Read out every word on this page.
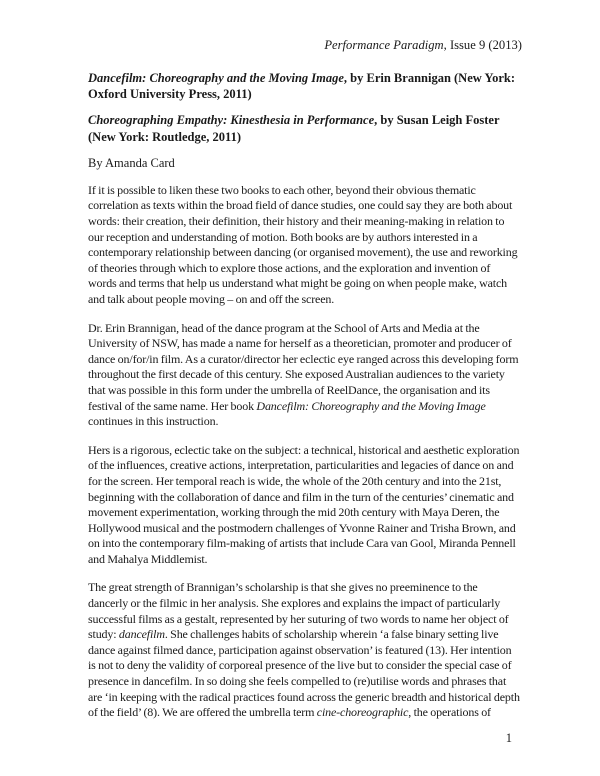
Performance Paradigm, Issue 9 (2013)

Dancefilm: Choreography and the Moving Image, by Erin Brannigan (New York: Oxford University Press, 2011)

Choreographing Empathy: Kinesthesia in Performance, by Susan Leigh Foster (New York: Routledge, 2011)

By Amanda Card

If it is possible to liken these two books to each other, beyond their obvious thematic correlation as texts within the broad field of dance studies, one could say they are both about words: their creation, their definition, their history and their meaning-making in relation to our reception and understanding of motion. Both books are by authors interested in a contemporary relationship between dancing (or organised movement), the use and reworking of theories through which to explore those actions, and the exploration and invention of words and terms that help us understand what might be going on when people make, watch and talk about people moving – on and off the screen.

Dr. Erin Brannigan, head of the dance program at the School of Arts and Media at the University of NSW, has made a name for herself as a theoretician, promoter and producer of dance on/for/in film. As a curator/director her eclectic eye ranged across this developing form throughout the first decade of this century. She exposed Australian audiences to the variety that was possible in this form under the umbrella of ReelDance, the organisation and its festival of the same name. Her book Dancefilm: Choreography and the Moving Image continues in this instruction.

Hers is a rigorous, eclectic take on the subject: a technical, historical and aesthetic exploration of the influences, creative actions, interpretation, particularities and legacies of dance on and for the screen. Her temporal reach is wide, the whole of the 20th century and into the 21st, beginning with the collaboration of dance and film in the turn of the centuries’ cinematic and movement experimentation, working through the mid 20th century with Maya Deren, the Hollywood musical and the postmodern challenges of Yvonne Rainer and Trisha Brown, and on into the contemporary film-making of artists that include Cara van Gool, Miranda Pennell and Mahalya Middlemist.

The great strength of Brannigan’s scholarship is that she gives no preeminence to the dancerly or the filmic in her analysis. She explores and explains the impact of particularly successful films as a gestalt, represented by her suturing of two words to name her object of study: dancefilm. She challenges habits of scholarship wherein ‘a false binary setting live dance against filmed dance, participation against observation’ is featured (13). Her intention is not to deny the validity of corporeal presence of the live but to consider the special case of presence in dancefilm. In so doing she feels compelled to (re)utilise words and phrases that are ‘in keeping with the radical practices found across the generic breadth and historical depth of the field’ (8). We are offered the umbrella term cine-choreographic, the operations of

1
